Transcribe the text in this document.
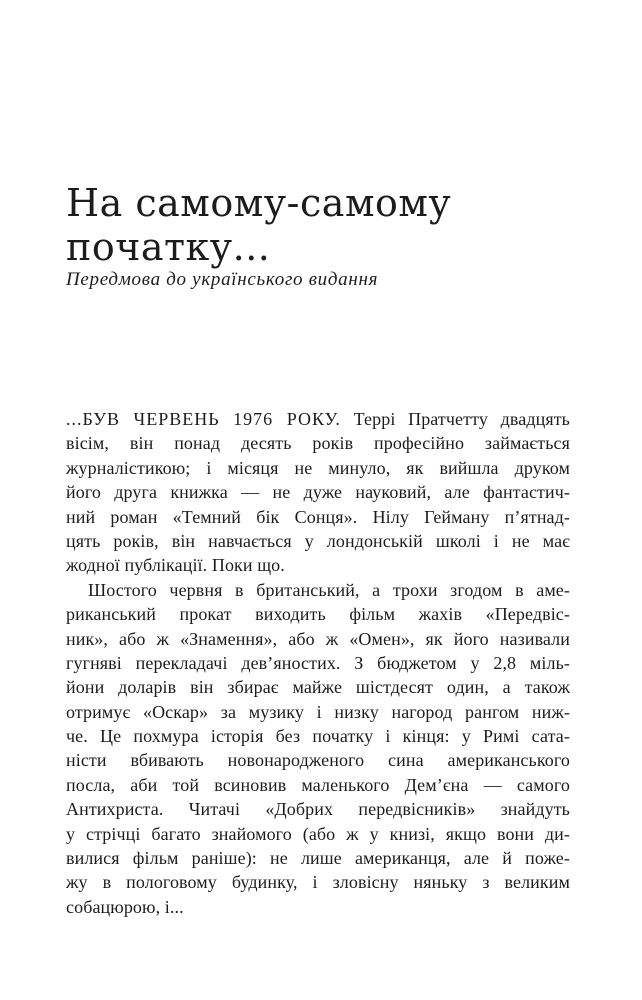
На самому-самому
початку...

Передмова до українського видання

...БУВ ЧЕРВЕНЬ 1976 РОКУ. Террі Пратчетту двадцять
вісім, він понад десять років професійно займається
журналістикою; і місяця не минуло, як вийшла друком
його друга книжка — не дуже науковий, але фантастич-
ний роман «Темний бік Сонця». Нілу Гейману п’ятнад-
цять років, він навчається у лондонській школі і не має
жодної публікації. Поки що.
Шостого червня в британський, а трохи згодом в аме-
риканський прокат виходить фільм жахів «Передвіс-
ник», або ж «Знамення», або ж «Омен», як його називали
гугняві перекладачі дев’яностих. З бюджетом у 2,8 міль-
йони доларів він збирає майже шістдесят один, а також
отримує «Оскар» за музику і низку нагород рангом ниж-
че. Це похмура історія без початку і кінця: у Римі сата-
ністи вбивають новонародженого сина американського
посла, аби той всиновив маленького Дем’єна — самого
Антихриста. Читачі «Добрих передвісників» знайдуть
у стрічці багато знайомого (або ж у книзі, якщо вони ди-
вилися фільм раніше): не лише американця, але й поже-
жу в пологовому будинку, і зловісну няньку з великим
собацюрою, і...
